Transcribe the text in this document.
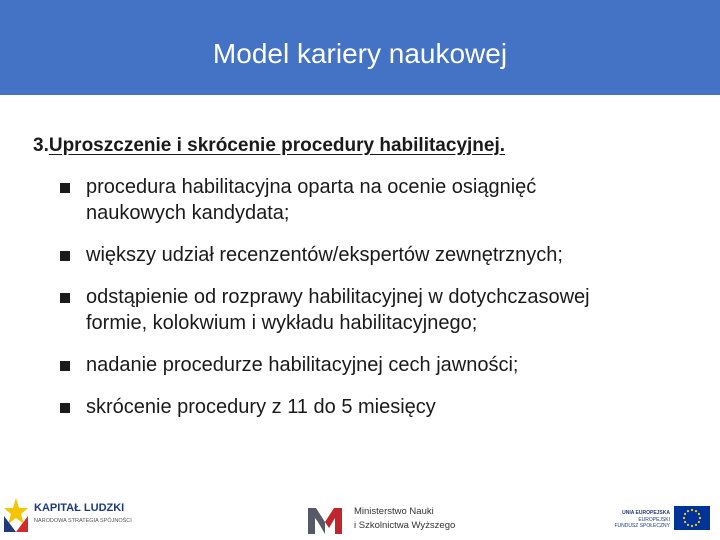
Model kariery naukowej
3.Uproszczenie i skrócenie procedury habilitacyjnej.
procedura habilitacyjna oparta na ocenie osiągnięć
naukowych kandydata;
większy udział recenzentów/ekspertów zewnętrznych;
odstąpienie od rozprawy habilitacyjnej w dotychczasowej
formie, kolokwium i wykładu habilitacyjnego;
nadanie procedurze habilitacyjnej cech jawności;
skrócenie procedury z 11 do 5 miesięcy
KAPITAŁ LUDZKI
NARODOWA STRATEGIA SPÓJNOŚCI
Ministerstwo Nauki
i Szkolnictwa Wyższego
UNIA EUROPEJSKA
EUROPEJSKI
FUNDUSZ SPOŁECZNY
